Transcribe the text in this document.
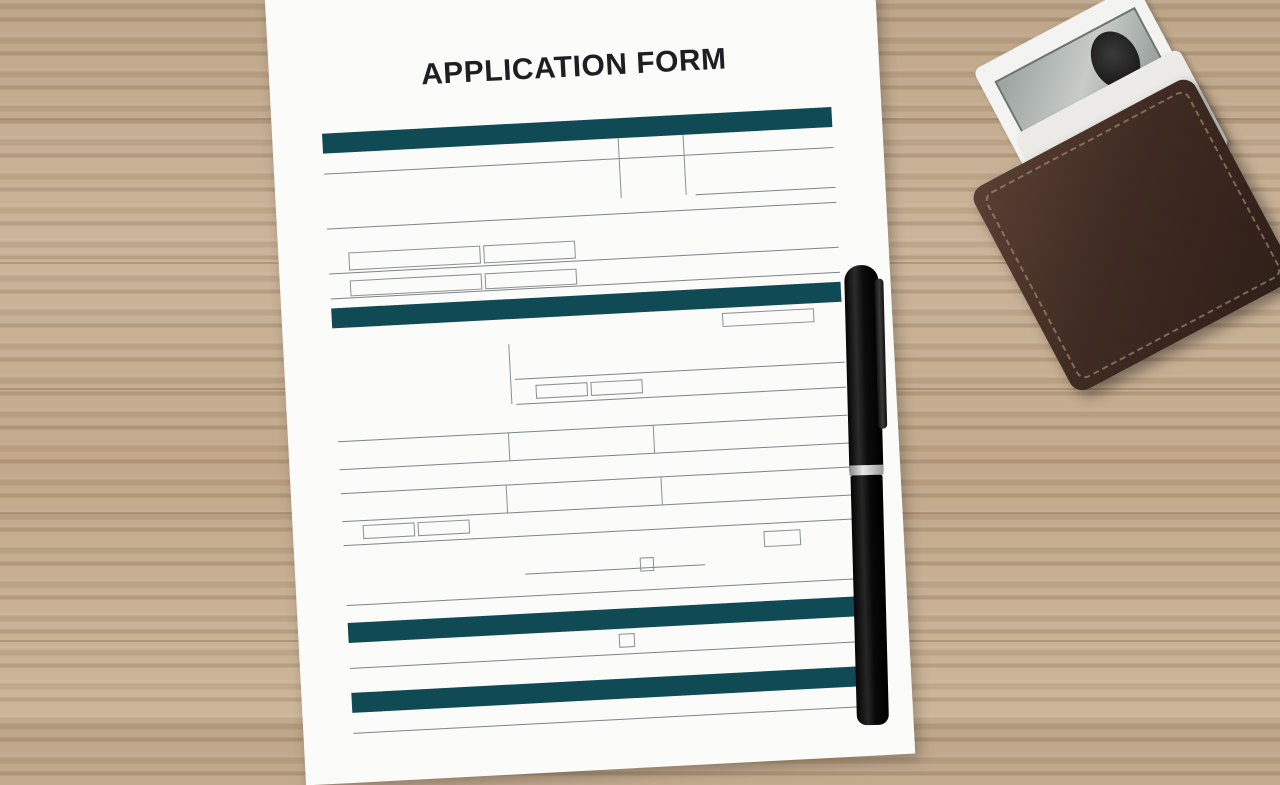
APPLICATION FORM
